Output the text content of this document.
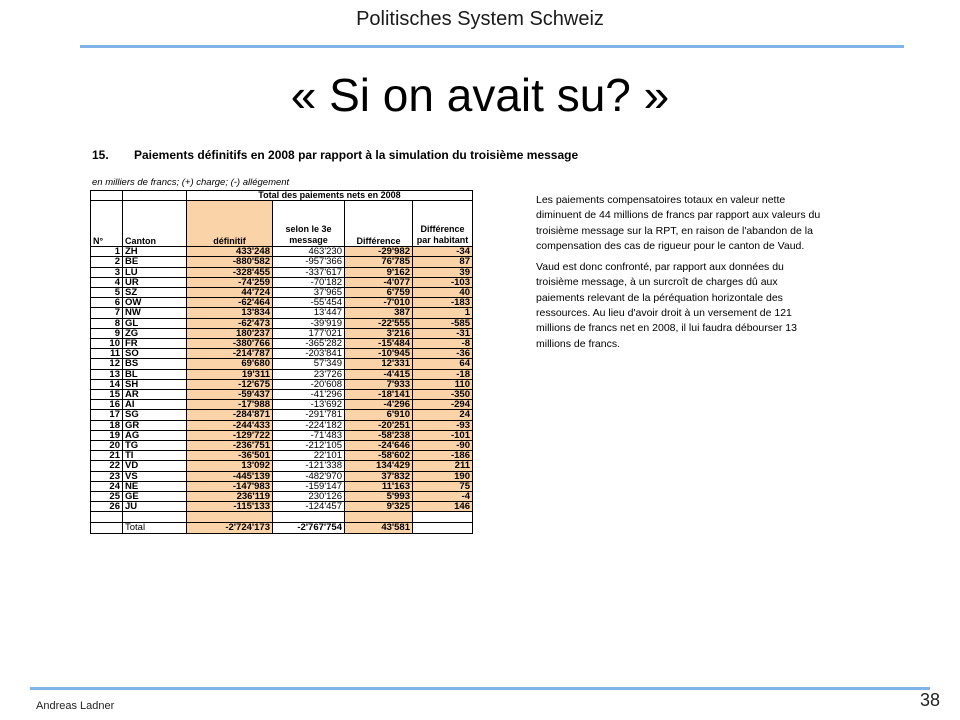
Politisches System Schweiz
« Si on avait su? »
15. Paiements définitifs en 2008 par rapport à la simulation du troisième message
en milliers de francs; (+) charge; (-) allégement
		Total des paiements nets en 2008			
N°	Canton	définitif	selon le 3e message	Différence	Différence par habitant
1	ZH	433'248	463'230	-29'982	-34
2	BE	-880'582	-957'366	76'785	87
3	LU	-328'455	-337'617	9'162	39
4	UR	-74'259	-70'182	-4'077	-103
5	SZ	44'724	37'965	6'759	40
6	OW	-62'464	-55'454	-7'010	-183
7	NW	13'834	13'447	387	1
8	GL	-62'473	-39'919	-22'555	-585
9	ZG	180'237	177'021	3'216	-31
10	FR	-380'766	-365'282	-15'484	-8
11	SO	-214'787	-203'841	-10'945	-36
12	BS	69'680	57'349	12'331	64
13	BL	19'311	23'726	-4'415	-18
14	SH	-12'675	-20'608	7'933	110
15	AR	-59'437	-41'296	-18'141	-350
16	AI	-17'988	-13'692	-4'296	-294
17	SG	-284'871	-291'781	6'910	24
18	GR	-244'433	-224'182	-20'251	-93
19	AG	-129'722	-71'483	-58'238	-101
20	TG	-236'751	-212'105	-24'646	-90
21	TI	-36'501	22'101	-58'602	-186
22	VD	13'092	-121'338	134'429	211
23	VS	-445'139	-482'970	37'832	190
24	NE	-147'983	-159'147	11'163	75
25	GE	236'119	230'126	5'993	-4
26	JU	-115'133	-124'457	9'325	146

	Total	-2'724'173	-2'767'754	43'581	

Les paiements compensatoires totaux en valeur nette diminuent de 44 millions de francs par rapport aux valeurs du troisième message sur la RPT, en raison de l'abandon de la compensation des cas de rigueur pour le canton de Vaud.

Vaud est donc confronté, par rapport aux données du troisième message, à un surcroît de charges dû aux paiements relevant de la péréquation horizontale des ressources. Au lieu d'avoir droit à un versement de 121 millions de francs net en 2008, il lui faudra débourser 13 millions de francs.

Andreas Ladner	38
